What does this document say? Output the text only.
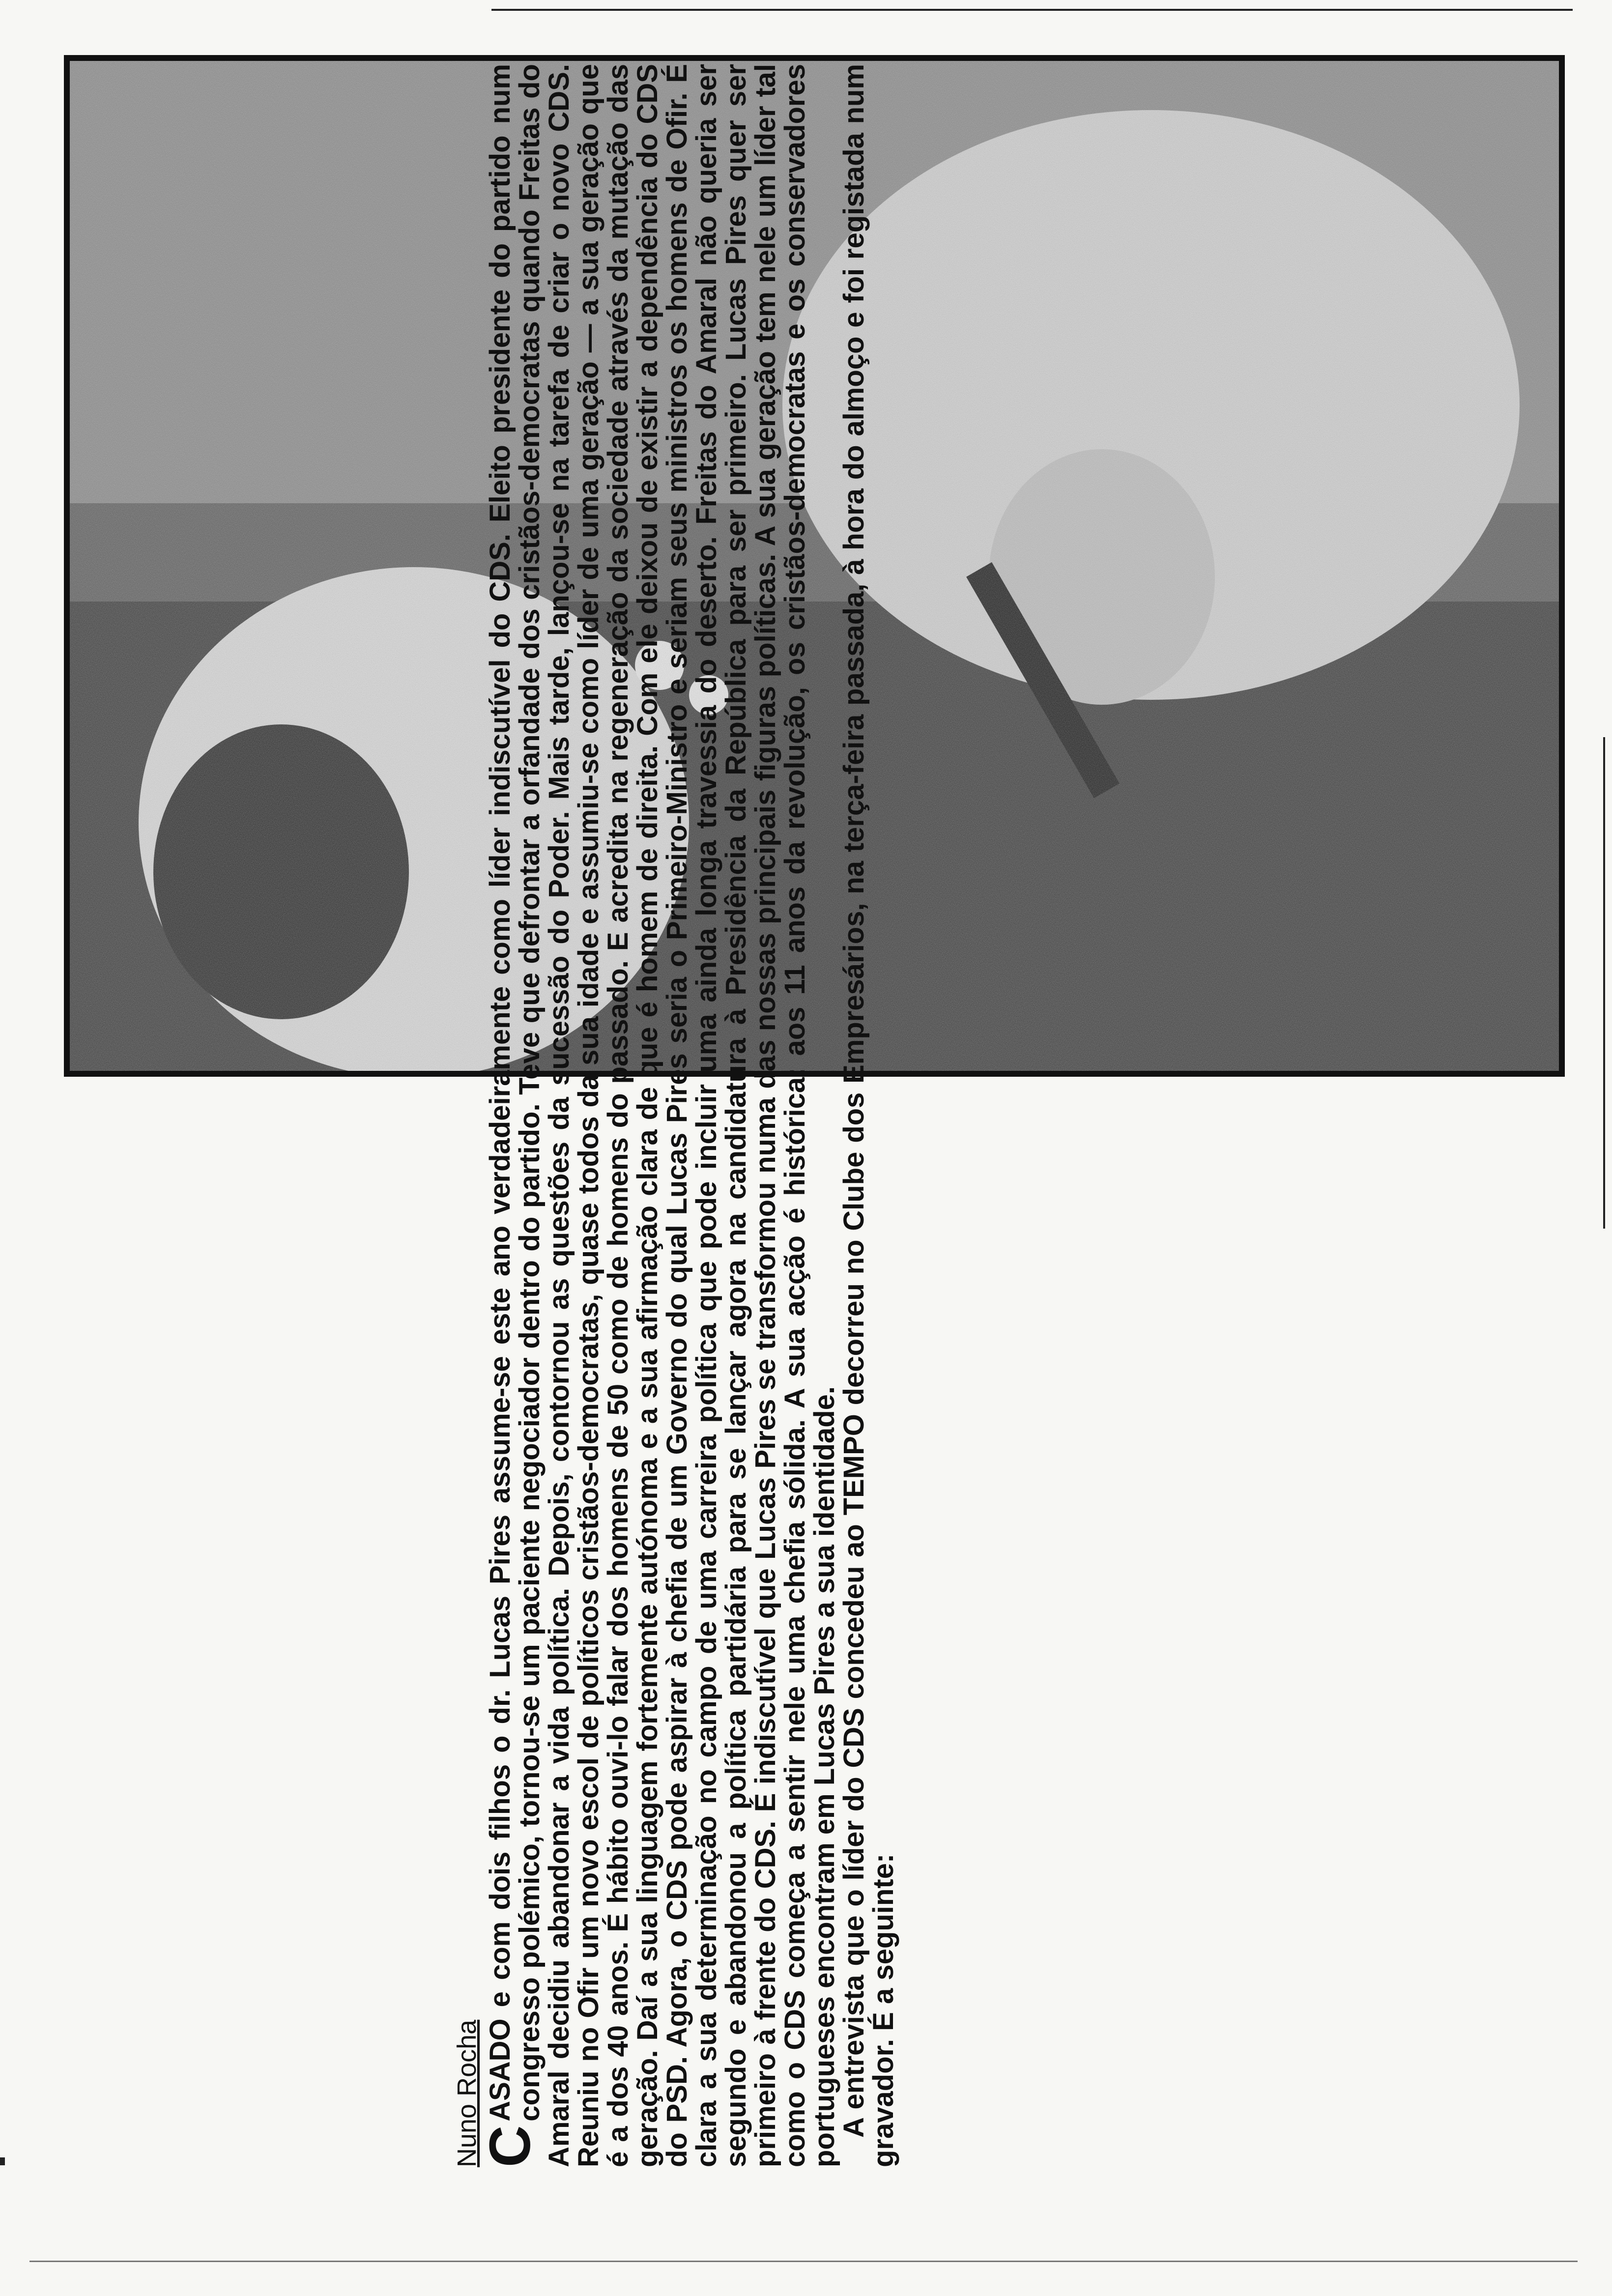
Nuno Rocha

C
ASADO e com dois filhos o dr. Lucas Pires assume-se este ano verdadeiramente como líder indiscutível do CDS. Eleito presidente do partido num congresso polémico, tornou-se um paciente negociador dentro do partido. Teve que defrontar a orfandade dos cristãos-democratas quando Freitas do Amaral decidiu abandonar a vida política. Depois, contornou as questões da sucessão do Poder. Mais tarde, lançou-se na tarefa de criar o novo CDS. Reuniu no Ofir um novo escol de políticos cristãos-democratas, quase todos da sua idade e assumiu-se como líder de uma geração — a sua geração que é a dos 40 anos. É hábito ouvi-lo falar dos homens de 50 como de homens do passado. E acredita na regeneração da sociedade através da mutação das geração. Daí a sua linguagem fortemente autónoma e a sua afirmação clara de que é homem de direita. Com ele deixou de existir a dependência do CDS do PSD. Agora, o CDS pode aspirar à chefia de um Governo do qual Lucas Pires seria o Primeiro-Ministro e seriam seus ministros os homens de Ofir. É clara a sua determinação no campo de uma carreira política que pode incluir uma ainda longa travessia do deserto. Freitas do Amaral não queria ser segundo e abandonou a política partidária para se lançar agora na candidatura à Presidência da República para ser primeiro. Lucas Pires quer ser primeiro à frente do CDS. É indiscutível que Lucas Pires se transformou numa das nossas principais figuras políticas. A sua geração tem nele um líder tal como o CDS começa a sentir nele uma chefia sólida. A sua acção é histórica: aos 11 anos da revolução, os cristãos-democratas e os conservadores portugueses encontram em Lucas Pires a sua identidade.

A entrevista que o líder do CDS concedeu ao TEMPO decorreu no Clube dos Empresários, na terça-feira passada, à hora do almoço e foi registada num gravador. É a seguinte:
